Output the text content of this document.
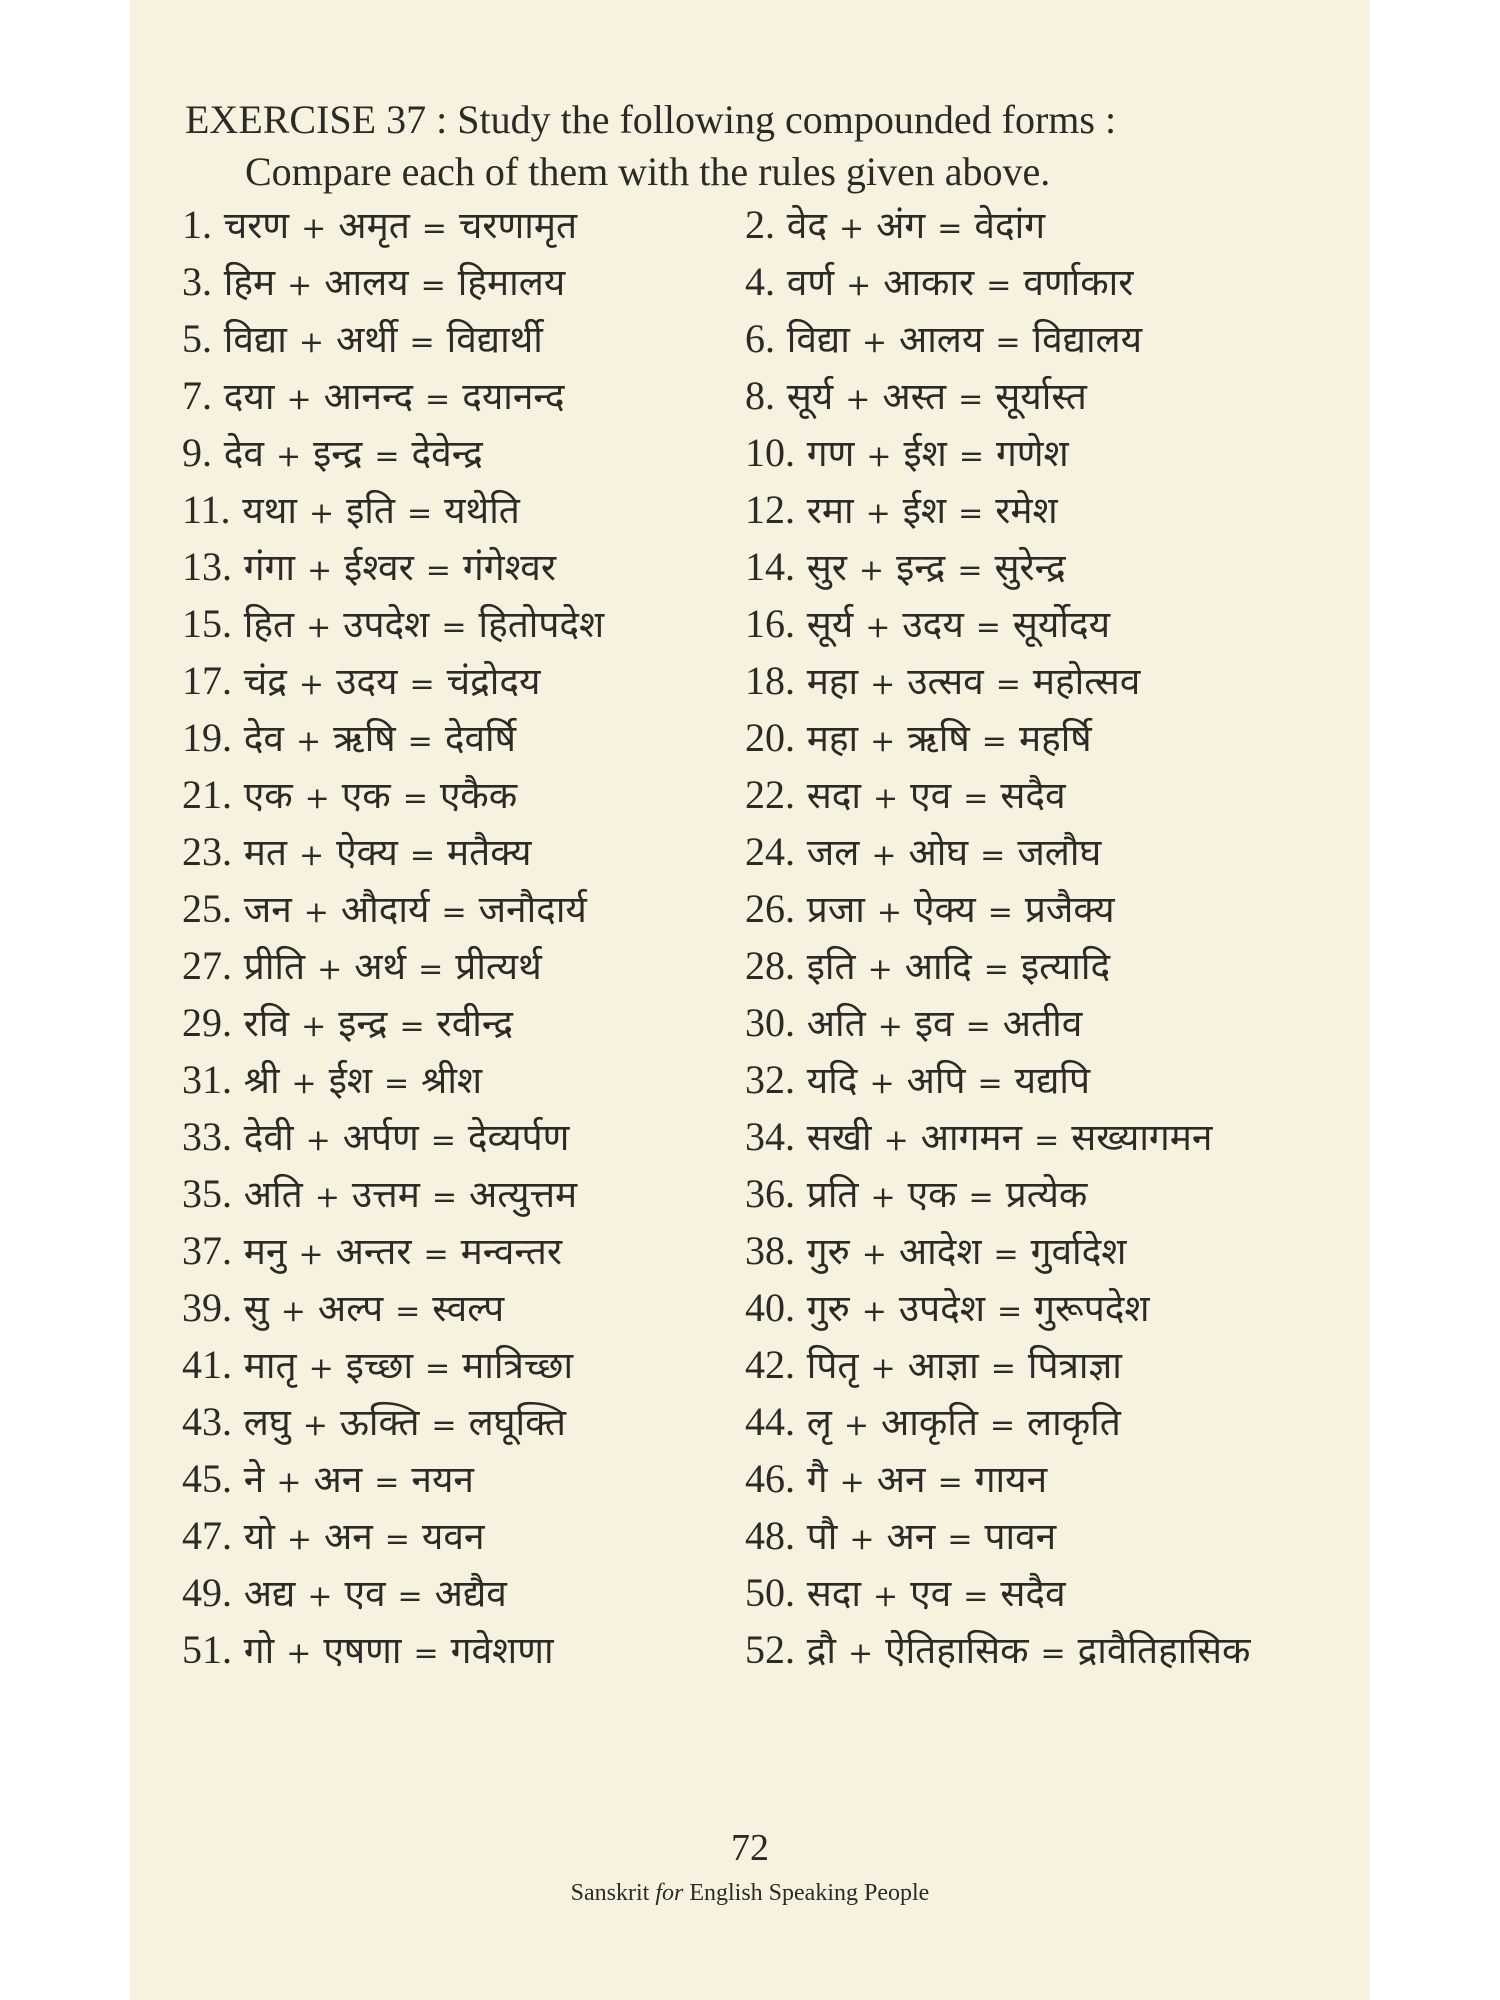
EXERCISE 37 : Study the following compounded forms :
Compare each of them with the rules given above.
1. चरण + अमृत = चरणामृत
3. हिम + आलय = हिमालय
5. विद्या + अर्थी = विद्यार्थी
7. दया + आनन्द = दयानन्द
9. देव + इन्द्र = देवेन्द्र
11. यथा + इति = यथेति
13. गंगा + ईश्वर = गंगेश्वर
15. हित + उपदेश = हितोपदेश
17. चंद्र + उदय = चंद्रोदय
19. देव + ऋषि = देवर्षि
21. एक + एक = एकैक
23. मत + ऐक्य = मतैक्य
25. जन + औदार्य = जनौदार्य
27. प्रीति + अर्थ = प्रीत्यर्थ
29. रवि + इन्द्र = रवीन्द्र
31. श्री + ईश = श्रीश
33. देवी + अर्पण = देव्यर्पण
35. अति + उत्तम = अत्युत्तम
37. मनु + अन्तर = मन्वन्तर
39. सु + अल्प = स्वल्प
41. मातृ + इच्छा = मात्रिच्छा
43. लघु + ऊक्ति = लघूक्ति
45. ने + अन = नयन
47. यो + अन = यवन
49. अद्य + एव = अद्यैव
51. गो + एषणा = गवेशणा
2. वेद + अंग = वेदांग
4. वर्ण + आकार = वर्णाकार
6. विद्या + आलय = विद्यालय
8. सूर्य + अस्त = सूर्यास्त
10. गण + ईश = गणेश
12. रमा + ईश = रमेश
14. सुर + इन्द्र = सुरेन्द्र
16. सूर्य + उदय = सूर्योदय
18. महा + उत्सव = महोत्सव
20. महा + ऋषि = महर्षि
22. सदा + एव = सदैव
24. जल + ओघ = जलौघ
26. प्रजा + ऐक्य = प्रजैक्य
28. इति + आदि = इत्यादि
30. अति + इव = अतीव
32. यदि + अपि = यद्यपि
34. सखी + आगमन = सख्यागमन
36. प्रति + एक = प्रत्येक
38. गुरु + आदेश = गुर्वादेश
40. गुरु + उपदेश = गुरूपदेश
42. पितृ + आज्ञा = पित्राज्ञा
44. लृ + आकृति = लाकृति
46. गै + अन = गायन
48. पौ + अन = पावन
50. सदा + एव = सदैव
52. द्रौ + ऐतिहासिक = द्रावैतिहासिक
72
Sanskrit for English Speaking People
